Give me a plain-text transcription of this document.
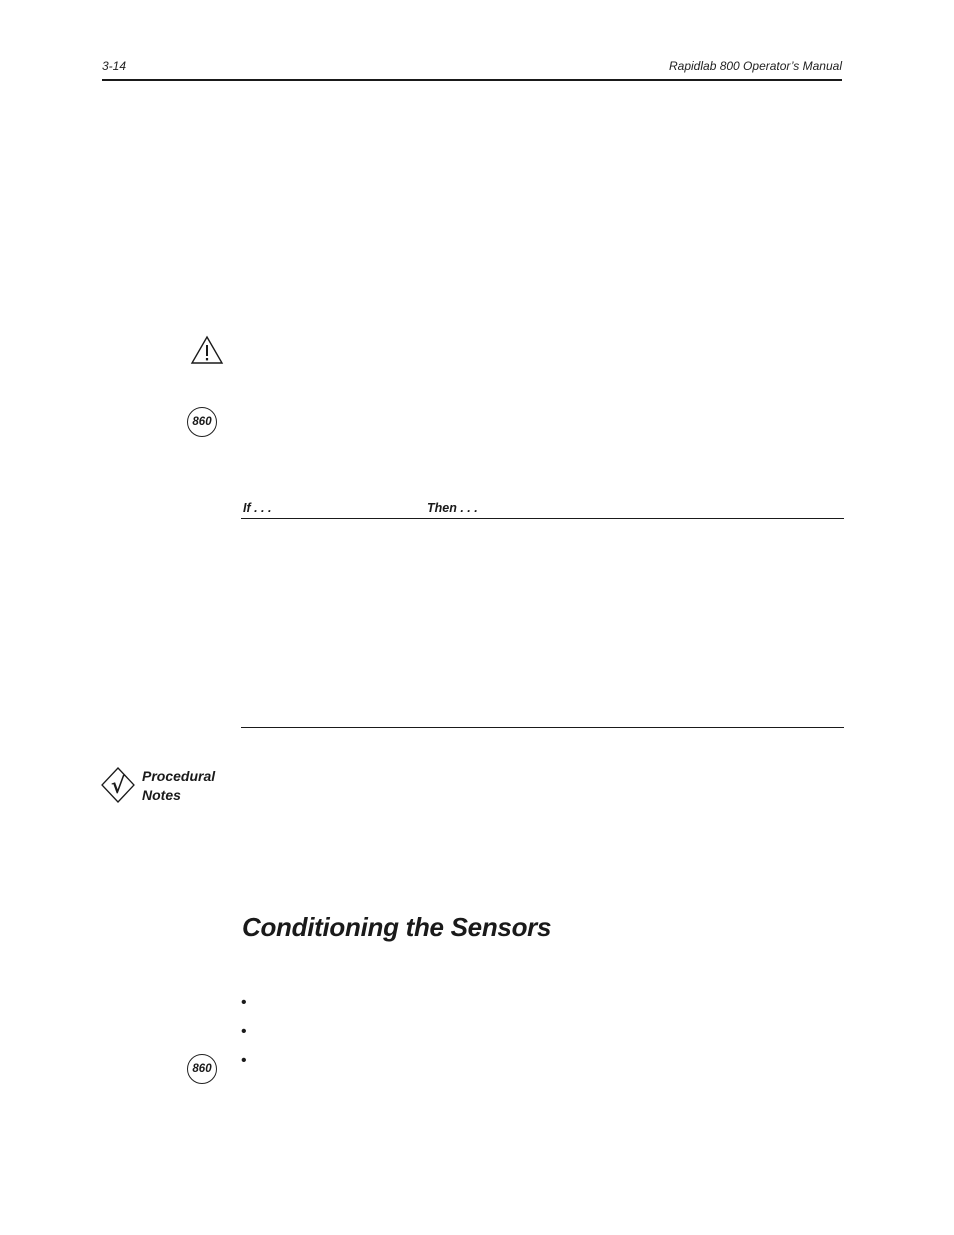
3-14	Rapidlab 800 Operator’s Manual
860
If . . .	Then . . .
√ Procedural
Notes
Conditioning the Sensors
•
•
•
860
